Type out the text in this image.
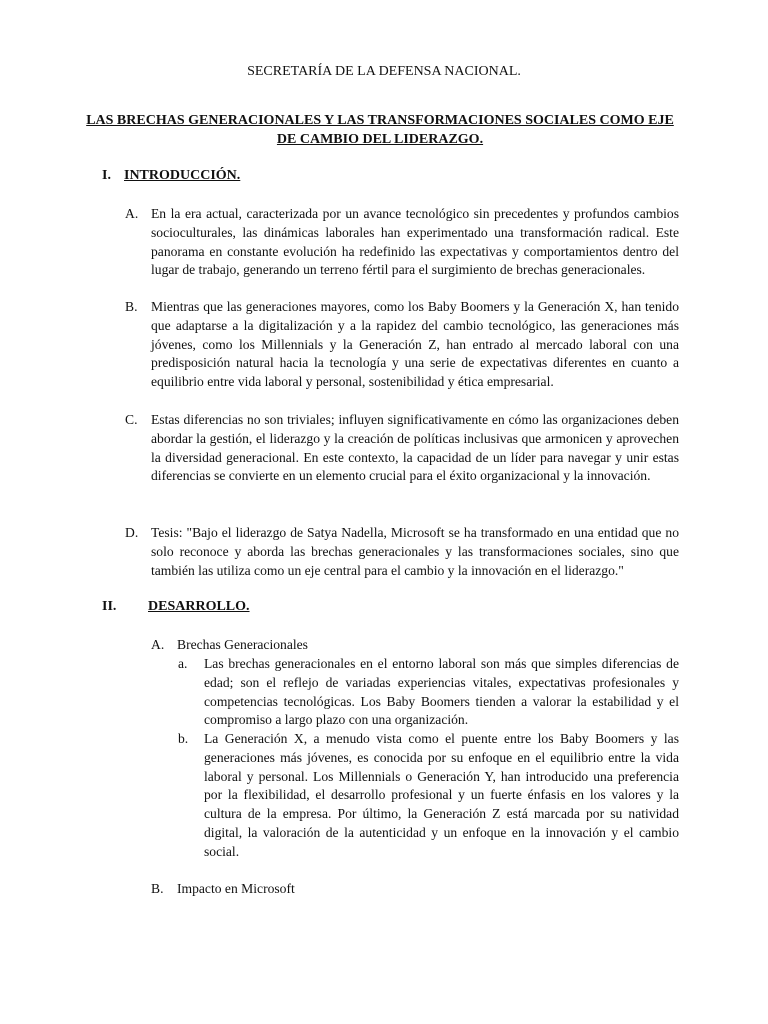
SECRETARÍA DE LA DEFENSA NACIONAL.
LAS BRECHAS GENERACIONALES Y LAS TRANSFORMACIONES SOCIALES COMO EJE
DE CAMBIO DEL LIDERAZGO.
I. INTRODUCCIÓN.
A. En la era actual, caracterizada por un avance tecnológico sin precedentes y profundos cambios socioculturales, las dinámicas laborales han experimentado una transformación radical. Este panorama en constante evolución ha redefinido las expectativas y comportamientos dentro del lugar de trabajo, generando un terreno fértil para el surgimiento de brechas generacionales.
B. Mientras que las generaciones mayores, como los Baby Boomers y la Generación X, han tenido que adaptarse a la digitalización y a la rapidez del cambio tecnológico, las generaciones más jóvenes, como los Millennials y la Generación Z, han entrado al mercado laboral con una predisposición natural hacia la tecnología y una serie de expectativas diferentes en cuanto a equilibrio entre vida laboral y personal, sostenibilidad y ética empresarial.
C. Estas diferencias no son triviales; influyen significativamente en cómo las organizaciones deben abordar la gestión, el liderazgo y la creación de políticas inclusivas que armonicen y aprovechen la diversidad generacional. En este contexto, la capacidad de un líder para navegar y unir estas diferencias se convierte en un elemento crucial para el éxito organizacional y la innovación.
D. Tesis: "Bajo el liderazgo de Satya Nadella, Microsoft se ha transformado en una entidad que no solo reconoce y aborda las brechas generacionales y las transformaciones sociales, sino que también las utiliza como un eje central para el cambio y la innovación en el liderazgo."
II. DESARROLLO.
A. Brechas Generacionales
a. Las brechas generacionales en el entorno laboral son más que simples diferencias de edad; son el reflejo de variadas experiencias vitales, expectativas profesionales y competencias tecnológicas. Los Baby Boomers tienden a valorar la estabilidad y el compromiso a largo plazo con una organización.
b. La Generación X, a menudo vista como el puente entre los Baby Boomers y las generaciones más jóvenes, es conocida por su enfoque en el equilibrio entre la vida laboral y personal. Los Millennials o Generación Y, han introducido una preferencia por la flexibilidad, el desarrollo profesional y un fuerte énfasis en los valores y la cultura de la empresa. Por último, la Generación Z está marcada por su natividad digital, la valoración de la autenticidad y un enfoque en la innovación y el cambio social.
B. Impacto en Microsoft
